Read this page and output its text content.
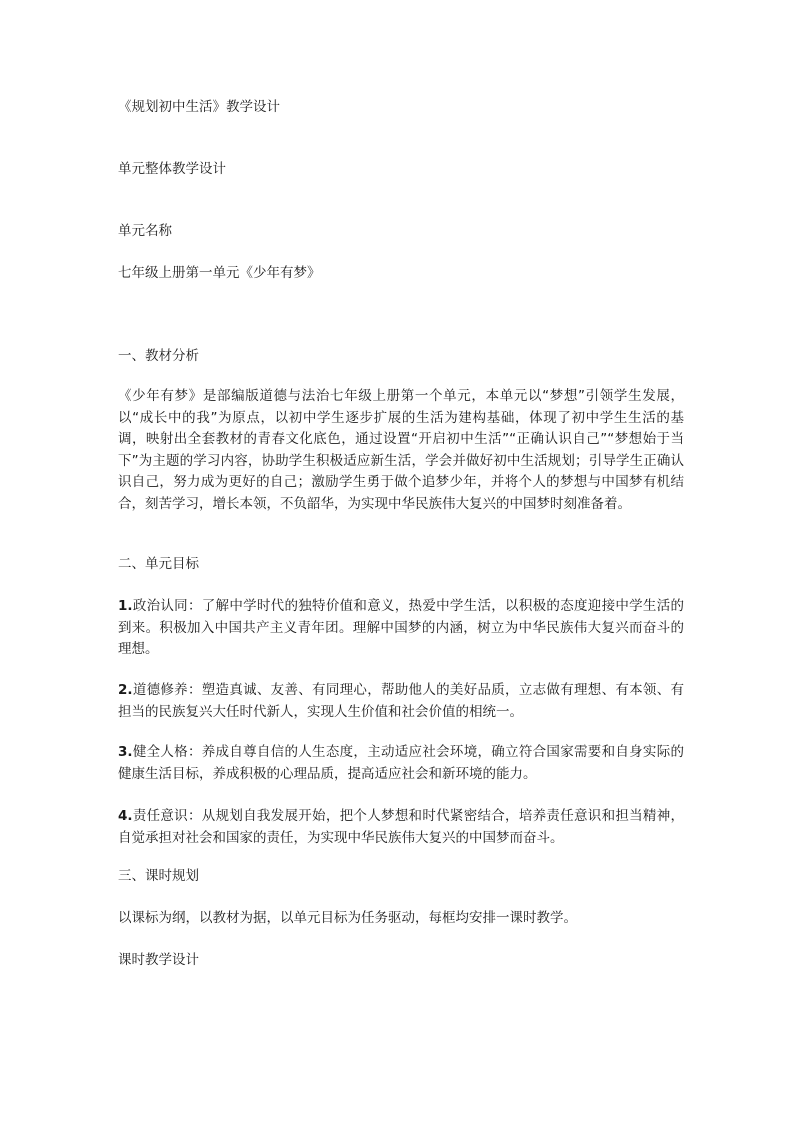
《规划初中生活》教学设计
单元整体教学设计
单元名称
七年级上册第一单元《少年有梦》
一、教材分析
《少年有梦》是部编版道德与法治七年级上册第一个单元，本单元以“梦想”引领学生发展，以“成长中的我”为原点，以初中学生逐步扩展的生活为建构基础，体现了初中学生生活的基调，映射出全套教材的青春文化底色，通过设置“开启初中生活”“正确认识自己”“梦想始于当下”为主题的学习内容，协助学生积极适应新生活，学会并做好初中生活规划；引导学生正确认识自己，努力成为更好的自己；激励学生勇于做个追梦少年，并将个人的梦想与中国梦有机结合，刻苦学习，增长本领，不负韶华，为实现中华民族伟大复兴的中国梦时刻准备着。
二、单元目标
1.政治认同：了解中学时代的独特价值和意义，热爱中学生活，以积极的态度迎接中学生活的到来。积极加入中国共产主义青年团。理解中国梦的内涵，树立为中华民族伟大复兴而奋斗的理想。
2.道德修养：塑造真诚、友善、有同理心，帮助他人的美好品质，立志做有理想、有本领、有担当的民族复兴大任时代新人，实现人生价值和社会价值的相统一。
3.健全人格：养成自尊自信的人生态度，主动适应社会环境，确立符合国家需要和自身实际的健康生活目标，养成积极的心理品质，提高适应社会和新环境的能力。
4.责任意识：从规划自我发展开始，把个人梦想和时代紧密结合，培养责任意识和担当精神，自觉承担对社会和国家的责任，为实现中华民族伟大复兴的中国梦而奋斗。
三、课时规划
以课标为纲，以教材为据，以单元目标为任务驱动，每框均安排一课时教学。
课时教学设计
